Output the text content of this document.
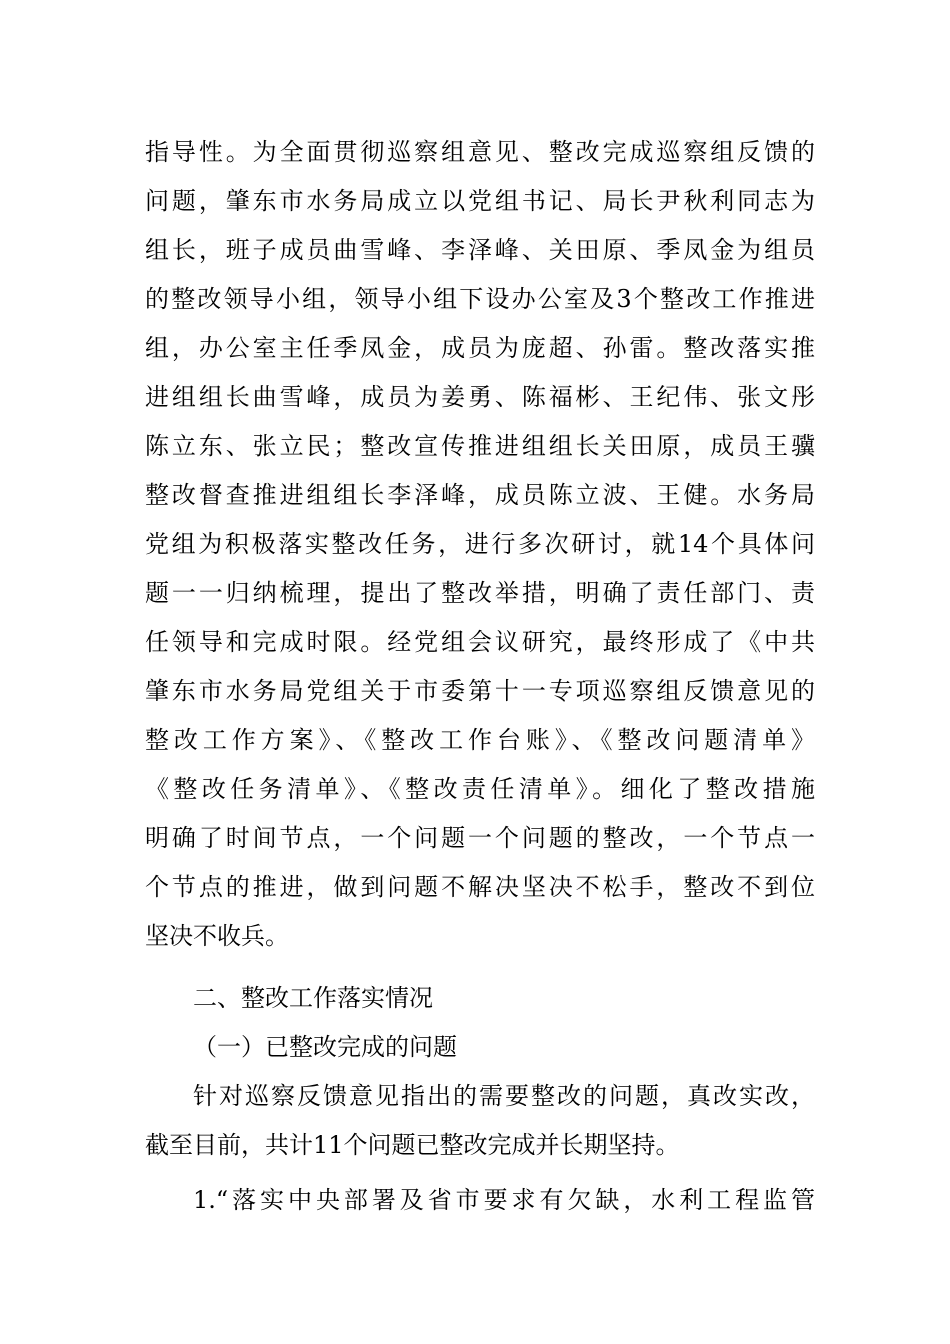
指导性。为全面贯彻巡察组意见、整改完成巡察组反馈的
问题，肇东市水务局成立以党组书记、局长尹秋利同志为
组长，班子成员曲雪峰、李泽峰、关田原、季凤金为组员
的整改领导小组，领导小组下设办公室及3个整改工作推进
组，办公室主任季凤金，成员为庞超、孙雷。整改落实推
进组组长曲雪峰，成员为姜勇、陈福彬、王纪伟、张文彤
陈立东、张立民；整改宣传推进组组长关田原，成员王骥
整改督查推进组组长李泽峰，成员陈立波、王健。水务局
党组为积极落实整改任务，进行多次研讨，就14个具体问
题一一归纳梳理，提出了整改举措，明确了责任部门、责
任领导和完成时限。经党组会议研究，最终形成了《中共
肇东市水务局党组关于市委第十一专项巡察组反馈意见的
整改工作方案》、《整改工作台账》、《整改问题清单》
《整改任务清单》、《整改责任清单》。细化了整改措施
明确了时间节点，一个问题一个问题的整改，一个节点一
个节点的推进，做到问题不解决坚决不松手，整改不到位
坚决不收兵。
二、整改工作落实情况
（一）已整改完成的问题
针对巡察反馈意见指出的需要整改的问题，真改实改，
截至目前，共计11个问题已整改完成并长期坚持。
1.“落实中央部署及省市要求有欠缺，水利工程监管
